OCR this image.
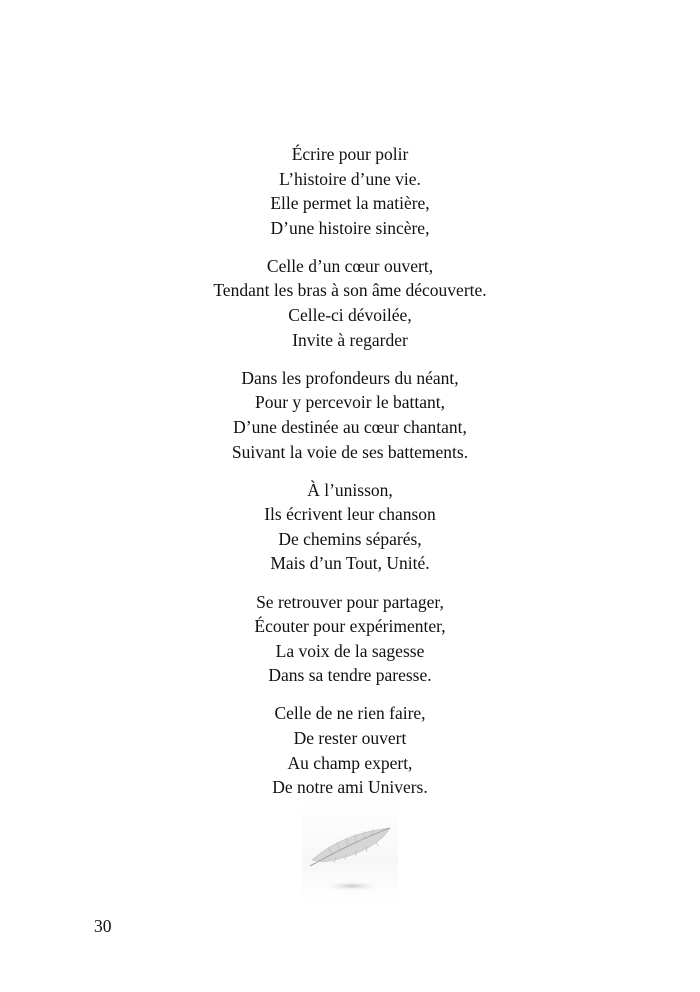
Écrire pour polir
L’histoire d’une vie.
Elle permet la matière,
D’une histoire sincère,
Celle d’un cœur ouvert,
Tendant les bras à son âme découverte.
Celle-ci dévoilée,
Invite à regarder
Dans les profondeurs du néant,
Pour y percevoir le battant,
D’une destinée au cœur chantant,
Suivant la voie de ses battements.
À l’unisson,
Ils écrivent leur chanson
De chemins séparés,
Mais d’un Tout, Unité.
Se retrouver pour partager,
Écouter pour expérimenter,
La voix de la sagesse
Dans sa tendre paresse.
Celle de ne rien faire,
De rester ouvert
Au champ expert,
De notre ami Univers.
30
